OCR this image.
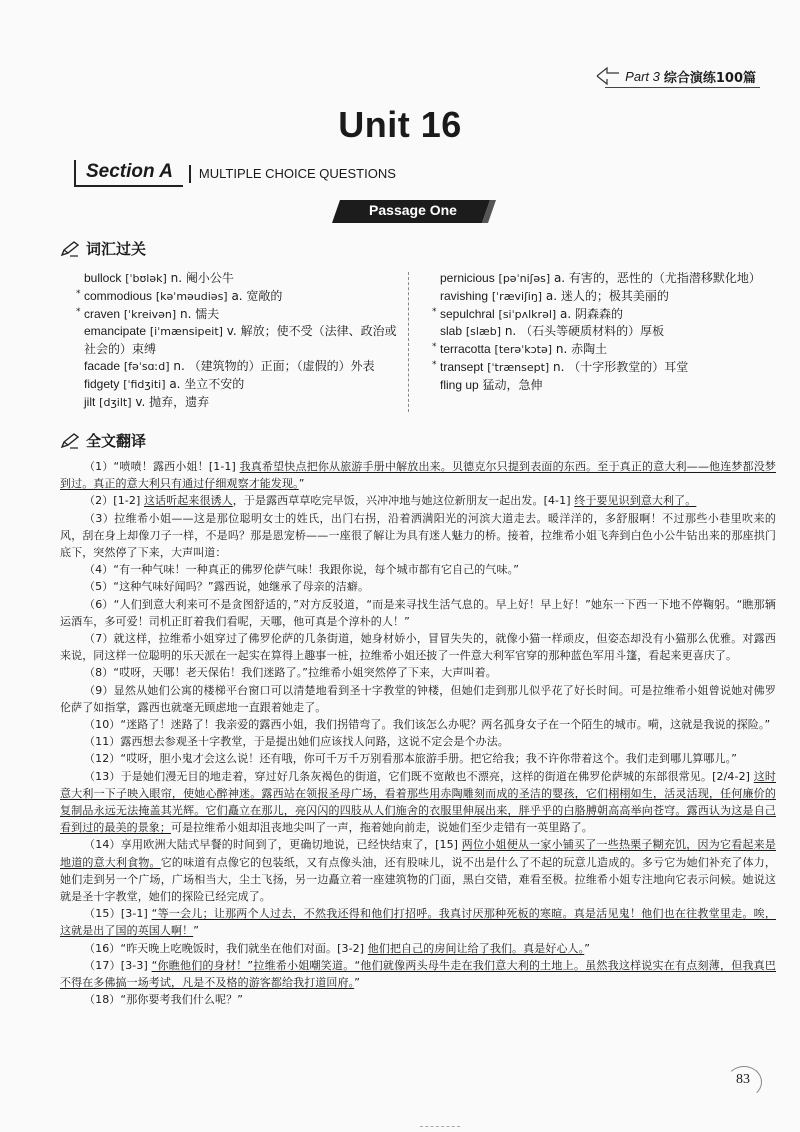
Part 3 综合演练100篇
Unit 16
Section A	MULTIPLE CHOICE QUESTIONS
Passage One
词汇过关
bullock [ˈbʊlək] n. 阉小公牛
* commodious [kəˈməudiəs] a. 宽敞的
* craven [ˈkreivən] n. 懦夫
emancipate [iˈmænsipeit] v. 解放；使不受（法律、政治或社会的）束缚
facade [fəˈsɑːd] n. （建筑物的）正面；（虚假的）外表
fidgety [ˈfidʒiti] a. 坐立不安的
jilt [dʒilt] v. 抛弃，遗弃
pernicious [pəˈniʃəs] a. 有害的，恶性的（尤指潜移默化地）
ravishing [ˈræviʃiŋ] a. 迷人的；极其美丽的
* sepulchral [siˈpʌlkrəl] a. 阴森森的
slab [slæb] n. （石头等硬质材料的）厚板
* terracotta [terəˈkɔtə] n. 赤陶土
* transept [ˈtrænsept] n. （十字形教堂的）耳堂
fling up 猛动，急伸
全文翻译

（1）“喷喷！露西小姐！[1-1] 我真希望快点把你从旅游手册中解放出来。贝德克尔只提到表面的东西。至于真正的意大利——他连梦都没梦到过。真正的意大利只有通过仔细观察才能发现。”

（2）[1-2] 这话听起来很诱人，于是露西草草吃完早饭，兴冲冲地与她这位新朋友一起出发。[4-1] 终于要见识到意大利了。

（3）拉维希小姐——这是那位聪明女士的姓氏，出门右拐，沿着洒满阳光的河滨大道走去。暖洋洋的，多舒服啊！不过那些小巷里吹来的风，刮在身上却像刀子一样，不是吗？那是恩宠桥——一座很了解让为具有迷人魅力的桥。接着，拉维希小姐飞奔到白色小公牛钻出来的那座拱门底下，突然停了下来，大声叫道：

（4）“有一种气味！一种真正的佛罗伦萨气味！我跟你说，每个城市都有它自己的气味。”

（5）“这种气味好闻吗？”露西说，她继承了母亲的洁癖。

（6）“人们到意大利来可不是贪图舒适的，”对方反驳道，“而是来寻找生活气息的。早上好！早上好！”她东一下西一下地不停鞠躬。“瞧那辆运酒车，多可爱！司机正盯着我们看呢，天哪，他可真是个淳朴的人！”

（7）就这样，拉维希小姐穿过了佛罗伦萨的几条街道，她身材娇小，冒冒失失的，就像小猫一样顽皮，但姿态却没有小猫那么优雅。对露西来说，同这样一位聪明的乐天派在一起实在算得上趣事一桩，拉维希小姐还披了一件意大利军官穿的那种蓝色军用斗篷，看起来更喜庆了。

（8）“哎呀，天哪！老天保佑！我们迷路了。”拉维希小姐突然停了下来，大声叫着。

（9）显然从她们公寓的楼梯平台窗口可以清楚地看到圣十字教堂的钟楼，但她们走到那儿似乎花了好长时间。可是拉维希小姐曾说她对佛罗伦萨了如指掌，露西也就毫无顾虑地一直跟着她走了。

（10）“迷路了！迷路了！我亲爱的露西小姐，我们拐错弯了。我们该怎么办呢？两名孤身女子在一个陌生的城市。嗬，这就是我说的探险。”

（11）露西想去参观圣十字教堂，于是提出她们应该找人问路，这说不定会是个办法。

（12）“哎呀，胆小鬼才会这么说！还有哦，你可千万千万别看那本旅游手册。把它给我；我不许你带着这个。我们走到哪儿算哪儿。”

（13）于是她们漫无目的地走着，穿过好几条灰褐色的街道，它们既不宽敞也不漂亮，这样的街道在佛罗伦萨城的东部很常见。[2/4-2] 这时意大利一下子映入眼帘，使她心醉神迷。露西站在领报圣母广场，看着那些用赤陶雕刻而成的圣洁的婴孩，它们栩栩如生，活灵活现，任何廉价的复制品永远无法掩盖其光辉。它们矗立在那儿，亮闪闪的四肢从人们施舍的衣服里伸展出来，胖乎乎的白胳膊朝高高举向苍穹。露西认为这是自己看到过的最美的景象；可是拉维希小姐却沮丧地尖叫了一声，拖着她向前走，说她们至少走错有一英里路了。

（14）享用欧洲大陆式早餐的时间到了，更确切地说，已经快结束了，[15] 两位小姐便从一家小铺买了一些热栗子糊充饥，因为它看起来是地道的意大利食物。它的味道有点像它的包装纸，又有点像头油，还有股味儿，说不出是什么了不起的玩意儿造成的。多亏它为她们补充了体力，她们走到另一个广场，广场相当大，尘土飞扬，另一边矗立着一座建筑物的门面，黑白交错，难看至极。拉维希小姐专注地向它表示问候。她说这就是圣十字教堂，她们的探险已经完成了。

（15）[3-1] “等一会儿；让那两个人过去，不然我还得和他们打招呼。我真讨厌那种死板的寒暄。真是活见鬼！他们也在往教堂里走。唉，这就是出了国的英国人啊！”

（16）“昨天晚上吃晚饭时，我们就坐在他们对面。[3-2] 他们把自己的房间让给了我们。真是好心人。”

（17）[3-3] “你瞧他们的身材！”拉维希小姐嘲笑道。“他们就像两头母牛走在我们意大利的土地上。虽然我这样说实在有点刻薄，但我真巴不得在多佛搞一场考试，凡是不及格的游客都给我打道回府。”

（18）“那你要考我们什么呢？”

83
